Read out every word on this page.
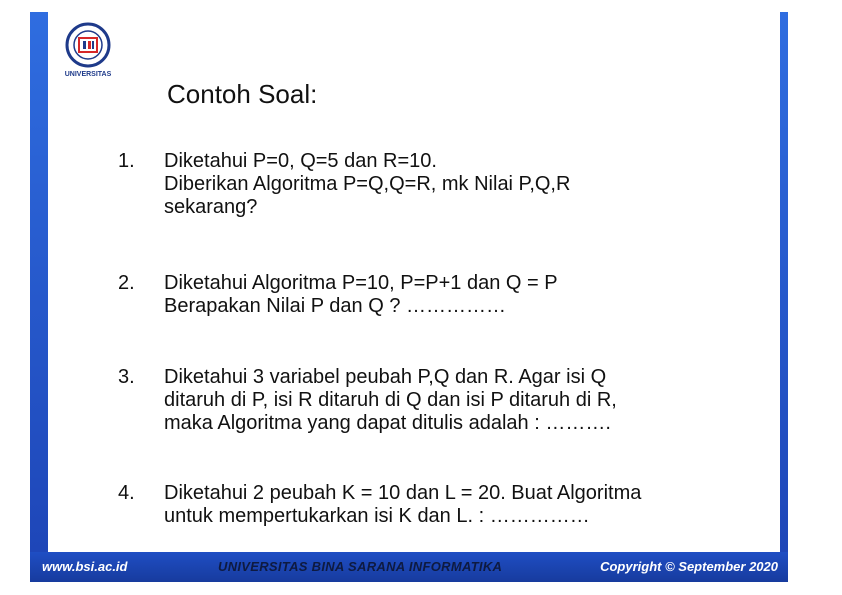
UNIVERSITAS
Contoh Soal:
1. Diketahui P=0, Q=5 dan R=10.
Diberikan Algoritma P=Q,Q=R, mk Nilai P,Q,R
sekarang?
2. Diketahui Algoritma P=10, P=P+1 dan Q = P
Berapakan Nilai P dan Q ? ……………
3. Diketahui 3 variabel peubah P,Q dan R. Agar isi Q
ditaruh di P, isi R ditaruh di Q dan isi P ditaruh di R,
maka Algoritma yang dapat ditulis adalah : ……….
4. Diketahui 2 peubah K = 10 dan L = 20. Buat Algoritma
untuk mempertukarkan isi K dan L. : ……………
www.bsi.ac.id	UNIVERSITAS BINA SARANA INFORMATIKA	Copyright © September 2020
